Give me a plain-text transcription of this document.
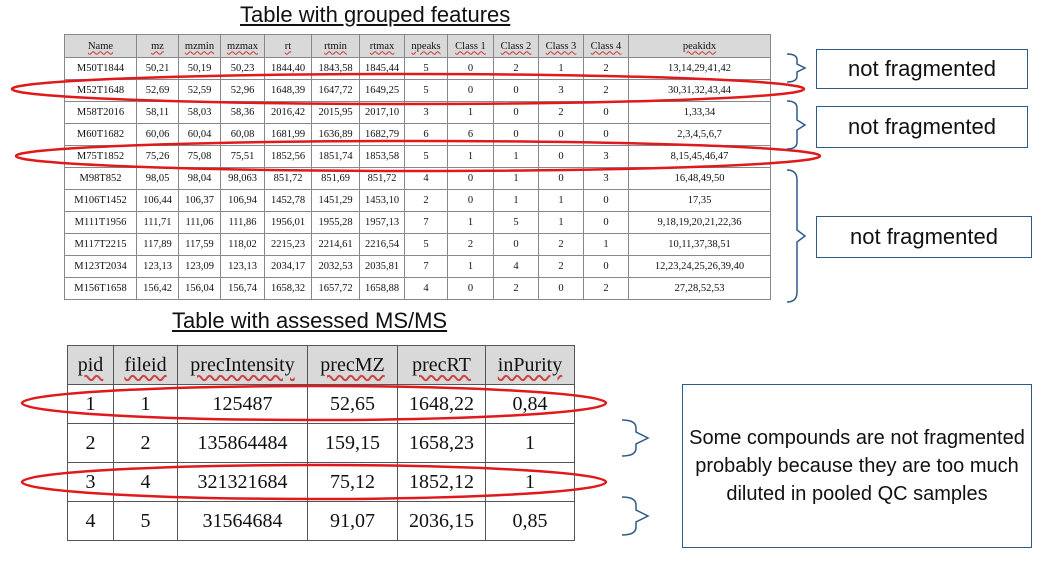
Table with grouped features
Name	mz	mzmin	mzmax	rt	rtmin	rtmax	npeaks	Class 1	Class 2	Class 3	Class 4	peakidx
M50T1844	50,21	50,19	50,23	1844,40	1843,58	1845,44	5	0	2	1	2	13,14,29,41,42
M52T1648	52,69	52,59	52,96	1648,39	1647,72	1649,25	5	0	0	3	2	30,31,32,43,44
M58T2016	58,11	58,03	58,36	2016,42	2015,95	2017,10	3	1	0	2	0	1,33,34
M60T1682	60,06	60,04	60,08	1681,99	1636,89	1682,79	6	6	0	0	0	2,3,4,5,6,7
M75T1852	75,26	75,08	75,51	1852,56	1851,74	1853,58	5	1	1	0	3	8,15,45,46,47
M98T852	98,05	98,04	98,063	851,72	851,69	851,72	4	0	1	0	3	16,48,49,50
M106T1452	106,44	106,37	106,94	1452,78	1451,29	1453,10	2	0	1	1	0	17,35
M111T1956	111,71	111,06	111,86	1956,01	1955,28	1957,13	7	1	5	1	0	9,18,19,20,21,22,36
M117T2215	117,89	117,59	118,02	2215,23	2214,61	2216,54	5	2	0	2	1	10,11,37,38,51
M123T2034	123,13	123,09	123,13	2034,17	2032,53	2035,81	7	1	4	2	0	12,23,24,25,26,39,40
M156T1658	156,42	156,04	156,74	1658,32	1657,72	1658,88	4	0	2	0	2	27,28,52,53
Table with assessed MS/MS
pid	fileid	precIntensity	precMZ	precRT	inPurity
1	1	125487	52,65	1648,22	0,84
2	2	135864484	159,15	1658,23	1
3	4	321321684	75,12	1852,12	1
4	5	31564684	91,07	2036,15	0,85
not fragmented
not fragmented
not fragmented
Some compounds are not fragmented probably because they are too much diluted in pooled QC samples
